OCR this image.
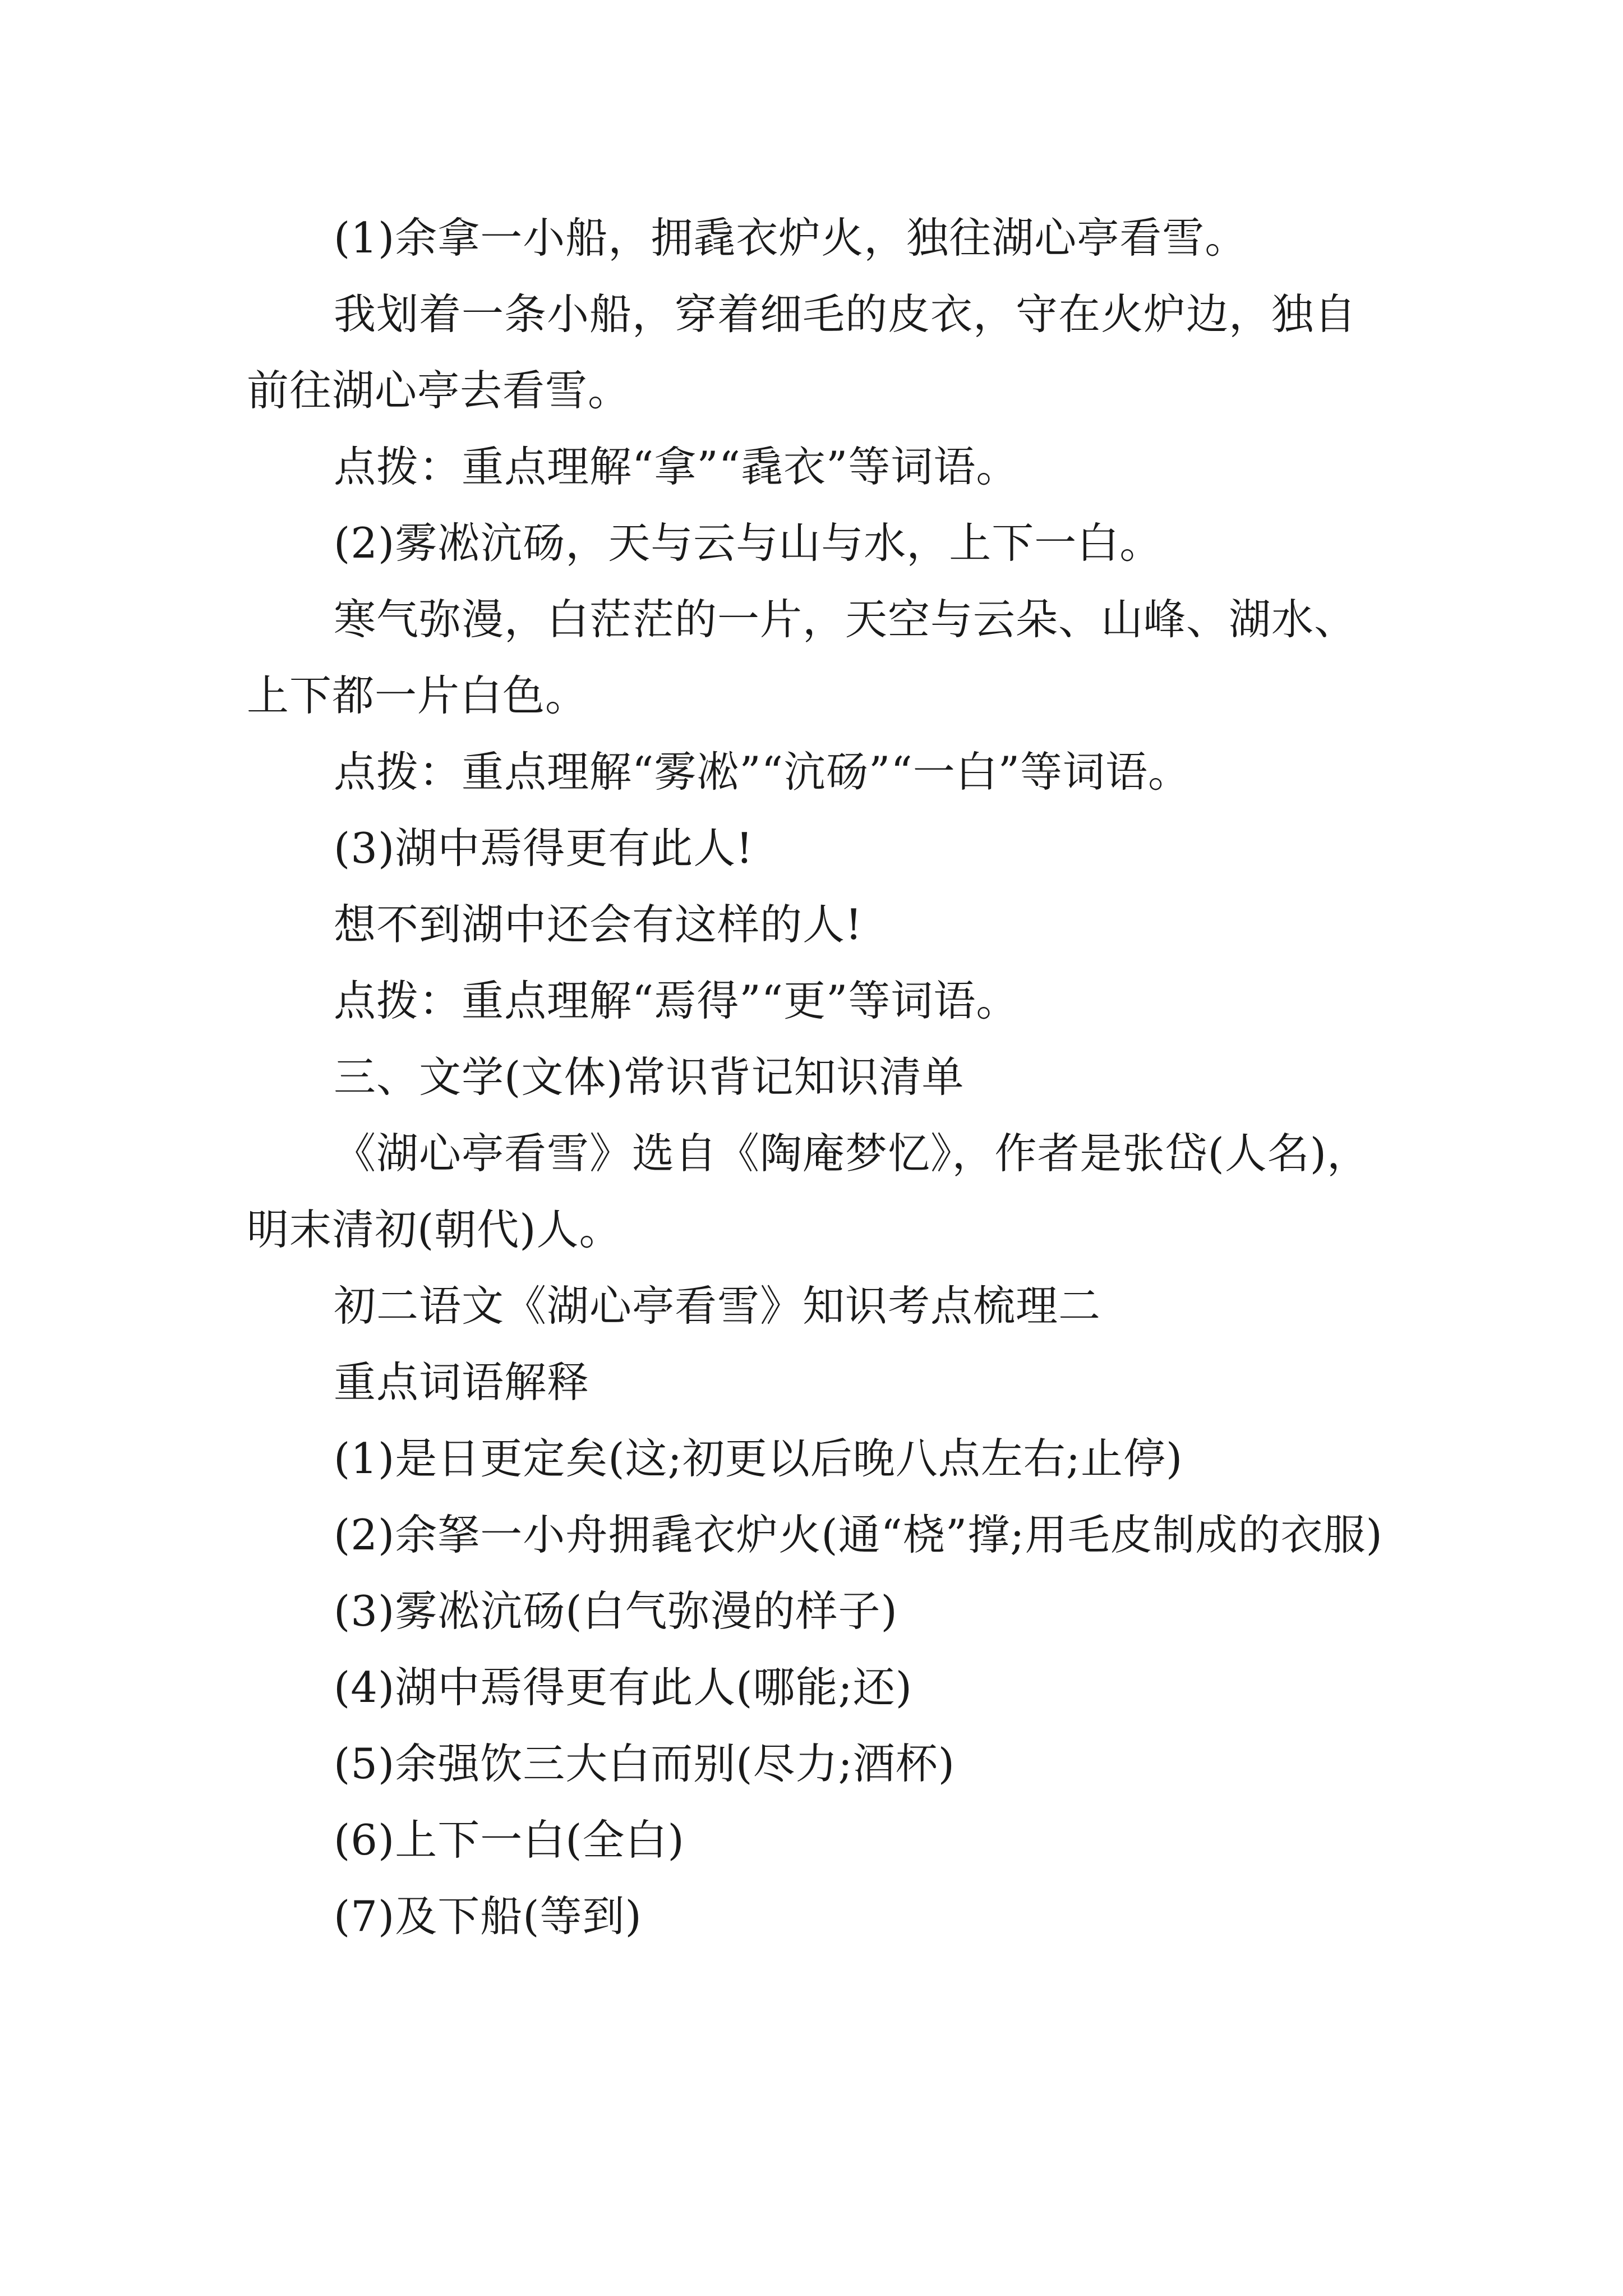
(1)余拿一小船，拥毳衣炉火，独往湖心亭看雪。

我划着一条小船，穿着细毛的皮衣，守在火炉边，独自前往湖心亭去看雪。

点拨：重点理解“拿”“毳衣”等词语。

(2)雾凇沆砀，天与云与山与水，上下一白。

寒气弥漫，白茫茫的一片，天空与云朵、山峰、湖水、上下都一片白色。

点拨：重点理解“雾凇”“沆砀”“一白”等词语。

(3)湖中焉得更有此人!

想不到湖中还会有这样的人!

点拨：重点理解“焉得”“更”等词语。

三、文学(文体)常识背记知识清单

《湖心亭看雪》选自《陶庵梦忆》，作者是张岱(人名)，明末清初(朝代)人。

初二语文《湖心亭看雪》知识考点梳理二

重点词语解释

(1)是日更定矣(这;初更以后晚八点左右;止停)

(2)余拏一小舟拥毳衣炉火(通“桡”撑;用毛皮制成的衣服)

(3)雾凇沆砀(白气弥漫的样子)

(4)湖中焉得更有此人(哪能;还)

(5)余强饮三大白而别(尽力;酒杯)

(6)上下一白(全白)

(7)及下船(等到)
